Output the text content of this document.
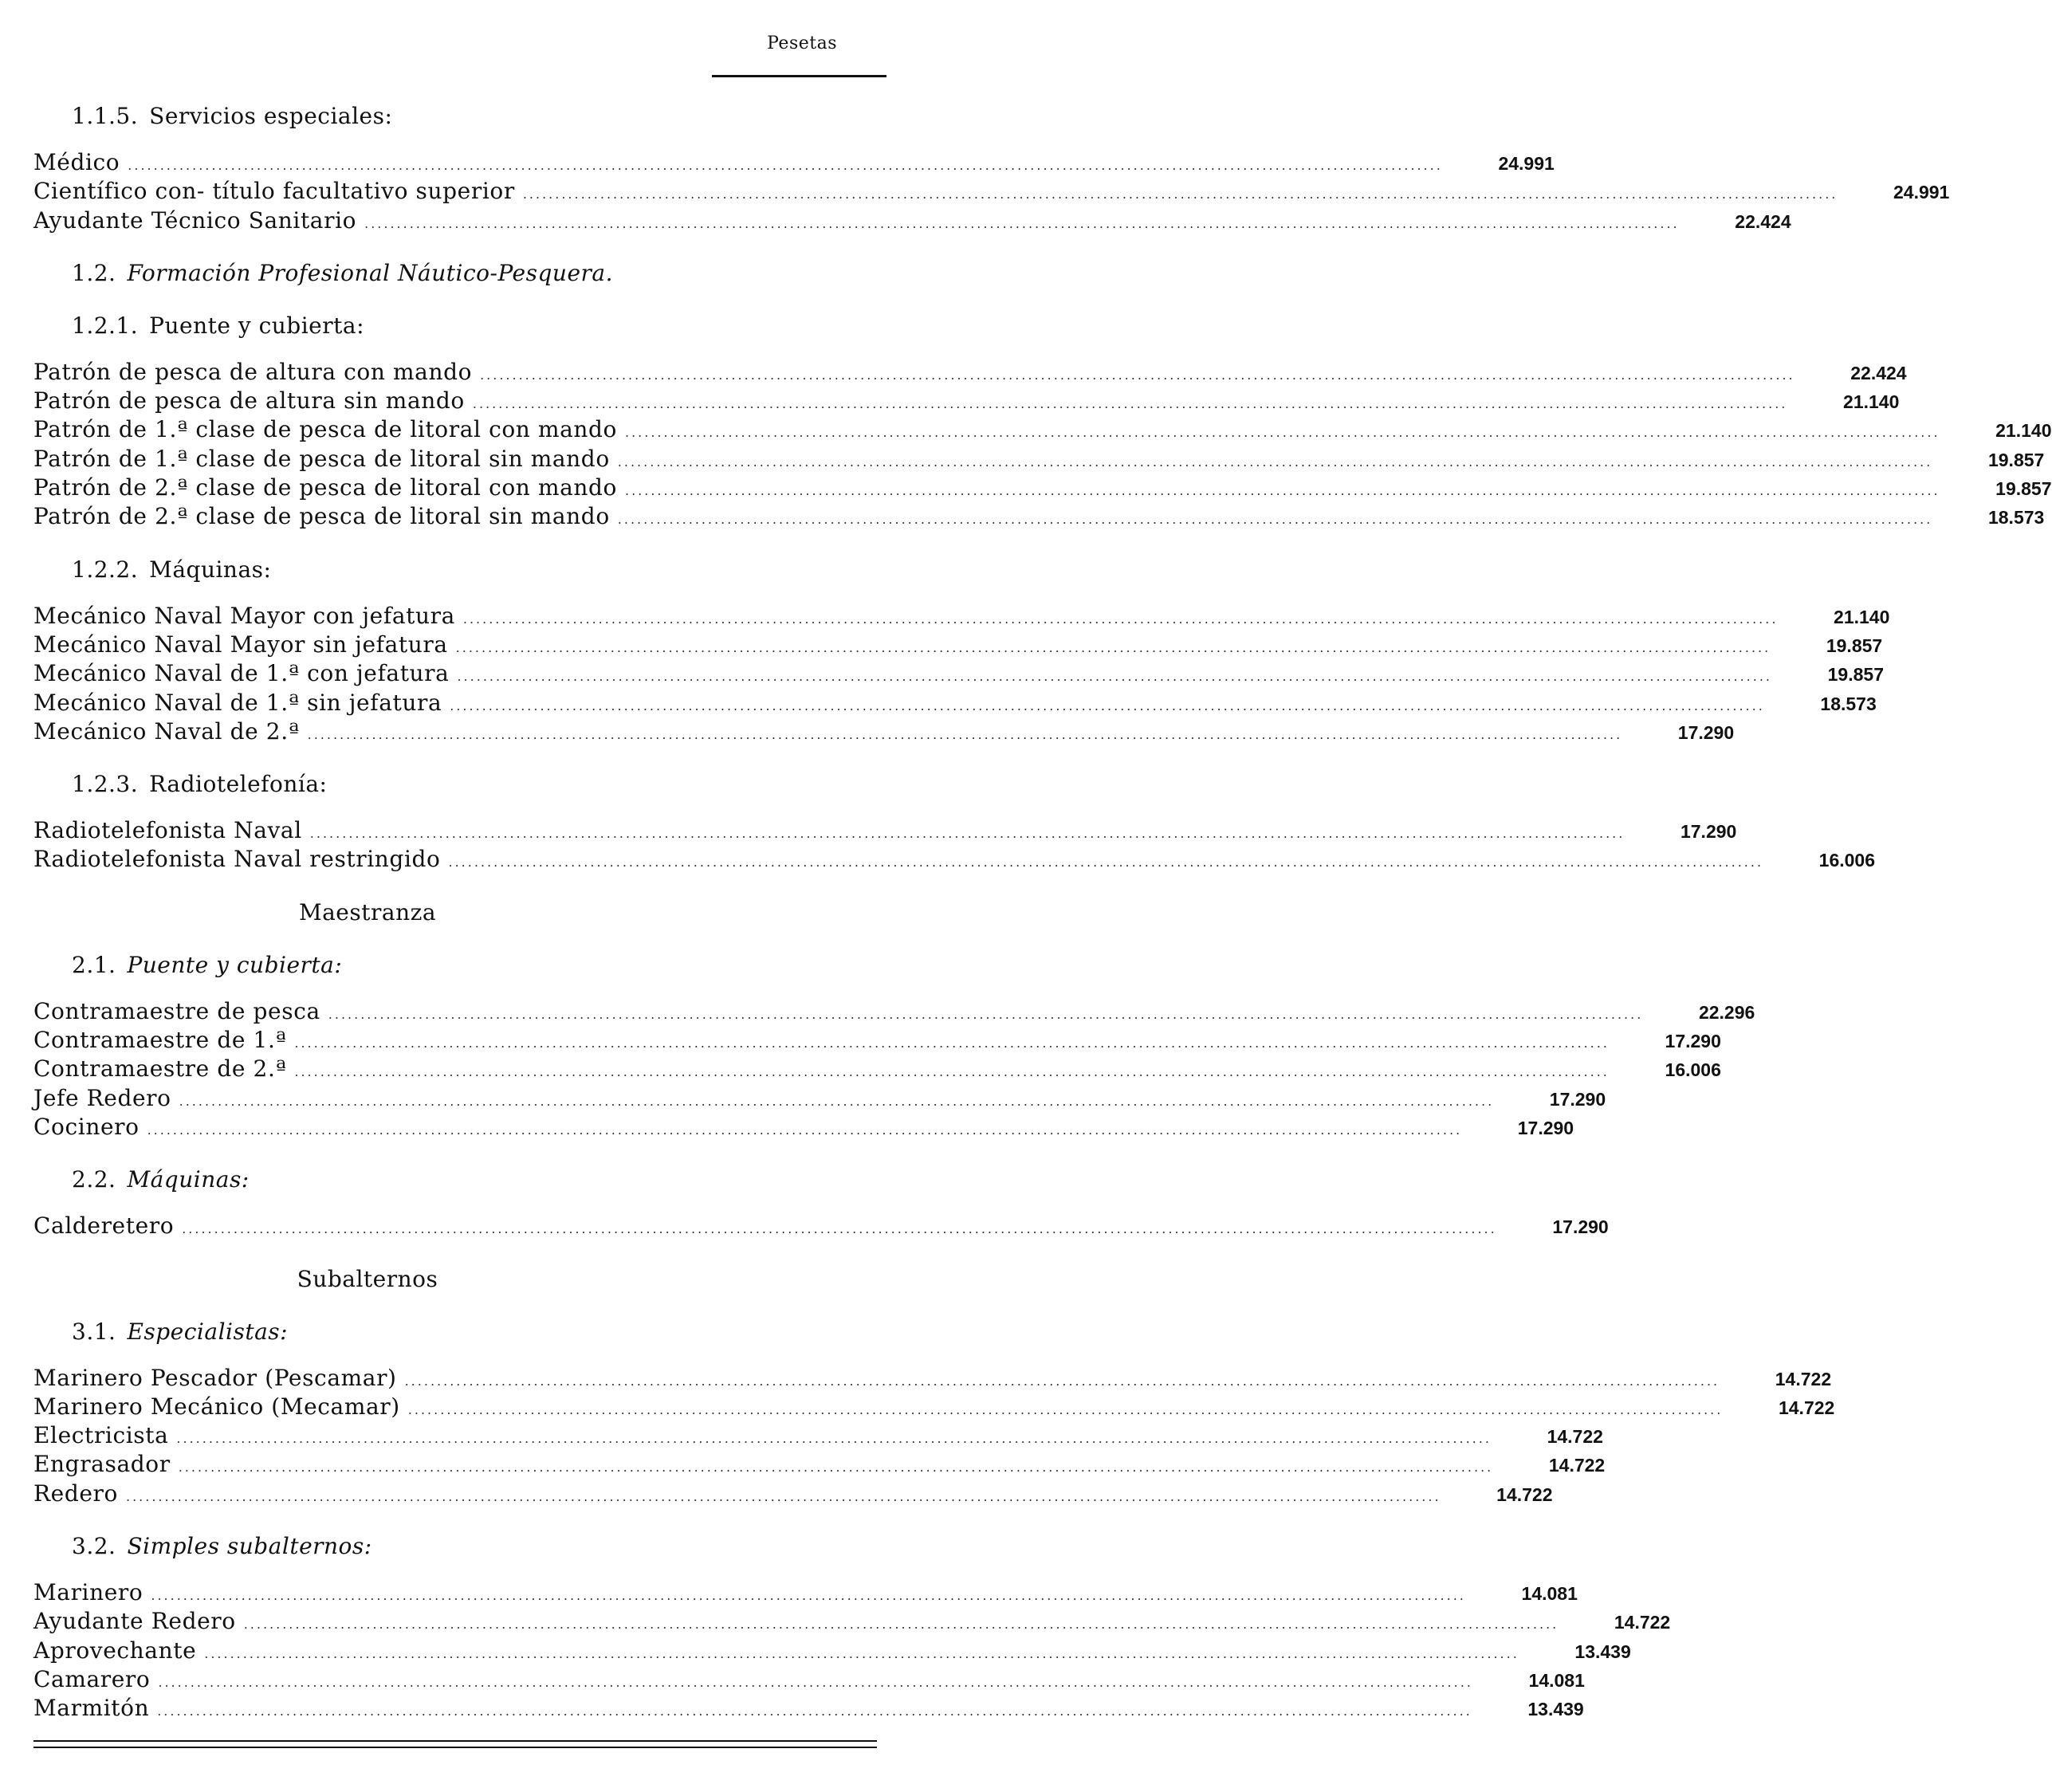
Pesetas
1.1.5. Servicios especiales:
Médico ............................................................................................................................................................................................................	24.991
Científico con- título facultativo superior ............................................................................................................................................................................................................	24.991
Ayudante Técnico Sanitario ............................................................................................................................................................................................................	22.424
1.2. Formación Profesional Náutico-Pesquera.
1.2.1. Puente y cubierta:
Patrón de pesca de altura con mando ............................................................................................................................................................................................................	22.424
Patrón de pesca de altura sin mando ............................................................................................................................................................................................................	21.140
Patrón de 1.ª clase de pesca de litoral con mando ............................................................................................................................................................................................................	21.140
Patrón de 1.ª clase de pesca de litoral sin mando ............................................................................................................................................................................................................	19.857
Patrón de 2.ª clase de pesca de litoral con mando ............................................................................................................................................................................................................	19.857
Patrón de 2.ª clase de pesca de litoral sin mando ............................................................................................................................................................................................................	18.573
1.2.2. Máquinas:
Mecánico Naval Mayor con jefatura ............................................................................................................................................................................................................	21.140
Mecánico Naval Mayor sin jefatura ............................................................................................................................................................................................................	19.857
Mecánico Naval de 1.ª con jefatura ............................................................................................................................................................................................................	19.857
Mecánico Naval de 1.ª sin jefatura ............................................................................................................................................................................................................	18.573
Mecánico Naval de 2.ª ............................................................................................................................................................................................................	17.290
1.2.3. Radiotelefonía:
Radiotelefonista Naval ............................................................................................................................................................................................................	17.290
Radiotelefonista Naval restringido ............................................................................................................................................................................................................	16.006
Maestranza
2.1. Puente y cubierta:
Contramaestre de pesca ............................................................................................................................................................................................................	22.296
Contramaestre de 1.ª ............................................................................................................................................................................................................	17.290
Contramaestre de 2.ª ............................................................................................................................................................................................................	16.006
Jefe Redero ............................................................................................................................................................................................................	17.290
Cocinero ............................................................................................................................................................................................................	17.290
2.2. Máquinas:
Calderetero ............................................................................................................................................................................................................	17.290
Subalternos
3.1. Especialistas:
Marinero Pescador (Pescamar) ............................................................................................................................................................................................................	14.722
Marinero Mecánico (Mecamar) ............................................................................................................................................................................................................	14.722
Electricista ............................................................................................................................................................................................................	14.722
Engrasador ............................................................................................................................................................................................................	14.722
Redero ............................................................................................................................................................................................................	14.722
3.2. Simples subalternos:
Marinero ............................................................................................................................................................................................................	14.081
Ayudante Redero ............................................................................................................................................................................................................	14.722
Aprovechante ............................................................................................................................................................................................................	13.439
Camarero ............................................................................................................................................................................................................	14.081
Marmitón ............................................................................................................................................................................................................	13.439
